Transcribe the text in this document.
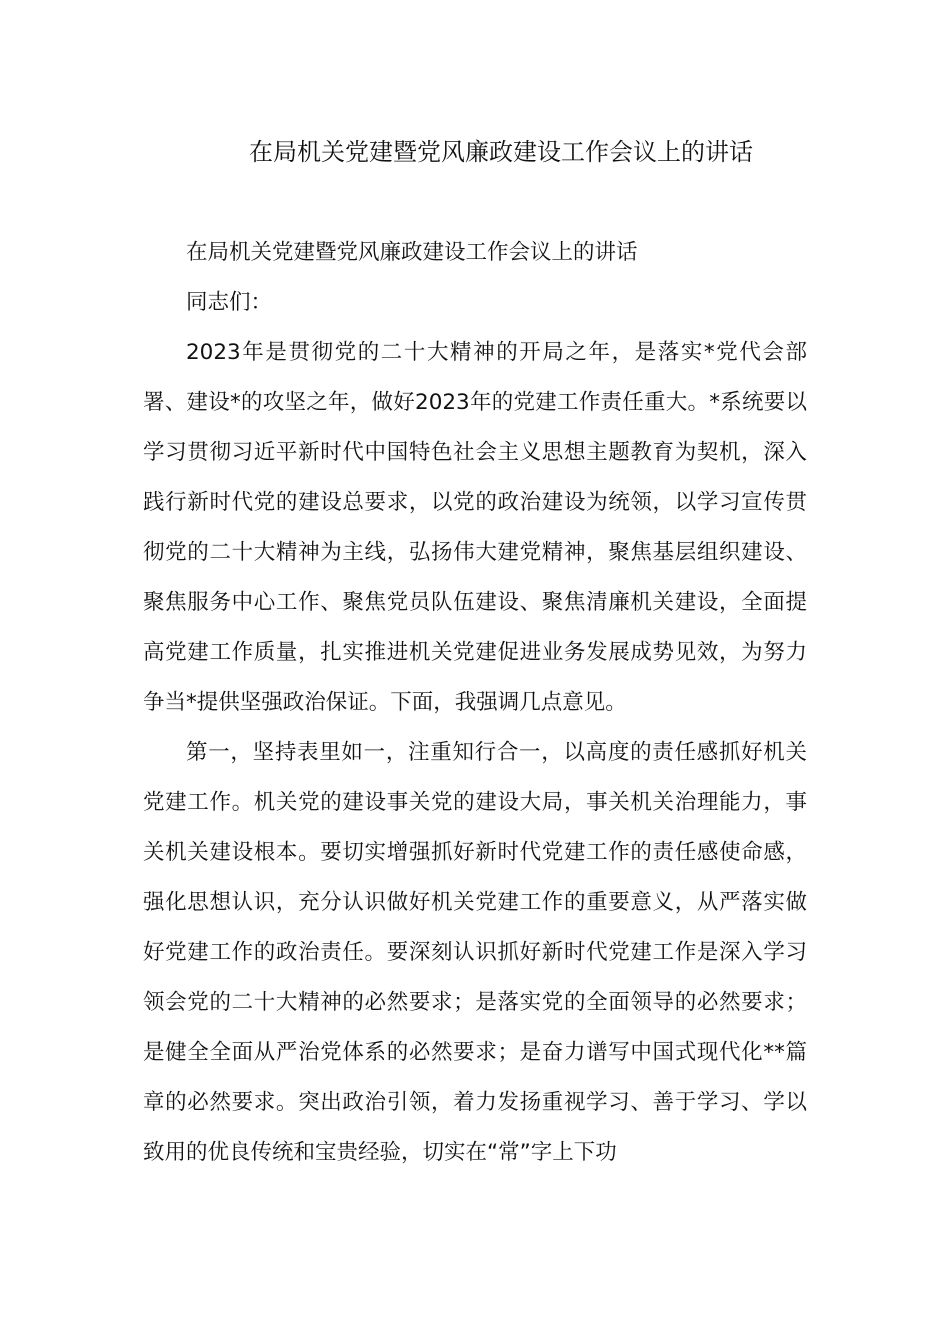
在局机关党建暨党风廉政建设工作会议上的讲话

在局机关党建暨党风廉政建设工作会议上的讲话

同志们：

2023年是贯彻党的二十大精神的开局之年，是落实*党代会部署、建设*的攻坚之年，做好2023年的党建工作责任重大。*系统要以学习贯彻习近平新时代中国特色社会主义思想主题教育为契机，深入践行新时代党的建设总要求，以党的政治建设为统领，以学习宣传贯彻党的二十大精神为主线，弘扬伟大建党精神，聚焦基层组织建设、聚焦服务中心工作、聚焦党员队伍建设、聚焦清廉机关建设，全面提高党建工作质量，扎实推进机关党建促进业务发展成势见效，为努力争当*提供坚强政治保证。下面，我强调几点意见。

第一，坚持表里如一，注重知行合一，以高度的责任感抓好机关党建工作。机关党的建设事关党的建设大局，事关机关治理能力，事关机关建设根本。要切实增强抓好新时代党建工作的责任感使命感，强化思想认识，充分认识做好机关党建工作的重要意义，从严落实做好党建工作的政治责任。要深刻认识抓好新时代党建工作是深入学习领会党的二十大精神的必然要求；是落实党的全面领导的必然要求；是健全全面从严治党体系的必然要求；是奋力谱写中国式现代化**篇章的必然要求。突出政治引领，着力发扬重视学习、善于学习、学以致用的优良传统和宝贵经验，切实在“常”字上下功
